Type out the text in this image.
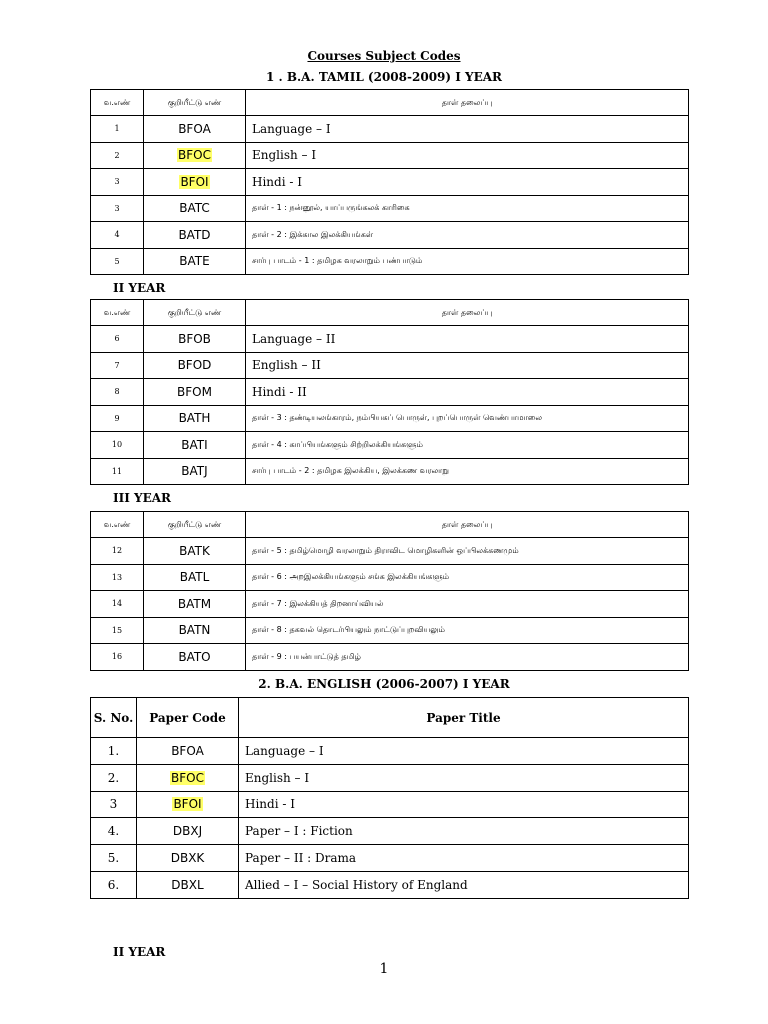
Courses Subject Codes
1 . B.A. TAMIL (2008-2009) I YEAR
வ.எண்	குறியீட்டு எண்	தாள் தலைப்பு
1	BFOA	Language – I
2	BFOC	English – I
3	BFOI	Hindi - I
3	BATC	தாள் - 1 : நன்னூல், யாப்பருங்கலக் காரிகை
4	BATD	தாள் - 2 : இக்கால இலக்கியங்கள்
5	BATE	சார்பு பாடம் - 1 : தமிழக வரலாறும் பண்பாடும்
II YEAR
வ.எண்	குறியீட்டு எண்	தாள் தலைப்பு
6	BFOB	Language – II
7	BFOD	English – II
8	BFOM	Hindi - II
9	BATH	தாள் - 3 : தண்டியலங்காரம், நம்பியகப் பொருள், புறப்பொருள் வெண்பாமாலை
10	BATI	தாள் - 4 : காப்பியங்களும் சிற்றிலக்கியங்களும்
11	BATJ	சார்பு பாடம் - 2 : தமிழக இலக்கிய, இலக்கண வரலாறு
III YEAR
வ.எண்	குறியீட்டு எண்	தாள் தலைப்பு
12	BATK	தாள் - 5 : தமிழ்மொழி வரலாறும் திராவிட மொழிகளின் ஒப்பிலக்கணமும்
13	BATL	தாள் - 6 : அறஇலக்கியங்களும் சங்க இலக்கியங்களும்
14	BATM	தாள் - 7 : இலக்கியத் திறனாய்வியல்
15	BATN	தாள் - 8 : தகவல் தொடர்பியலும் நாட்டுப்புறவியலும்
16	BATO	தாள் - 9 : பயன்பாட்டுத் தமிழ்
2. B.A. ENGLISH (2006-2007) I YEAR
S. No.	Paper Code	Paper Title
1.	BFOA	Language – I
2.	BFOC	English – I
3	BFOI	Hindi - I
4.	DBXJ	Paper – I : Fiction
5.	DBXK	Paper – II : Drama
6.	DBXL	Allied – I – Social History of England
II YEAR
1
